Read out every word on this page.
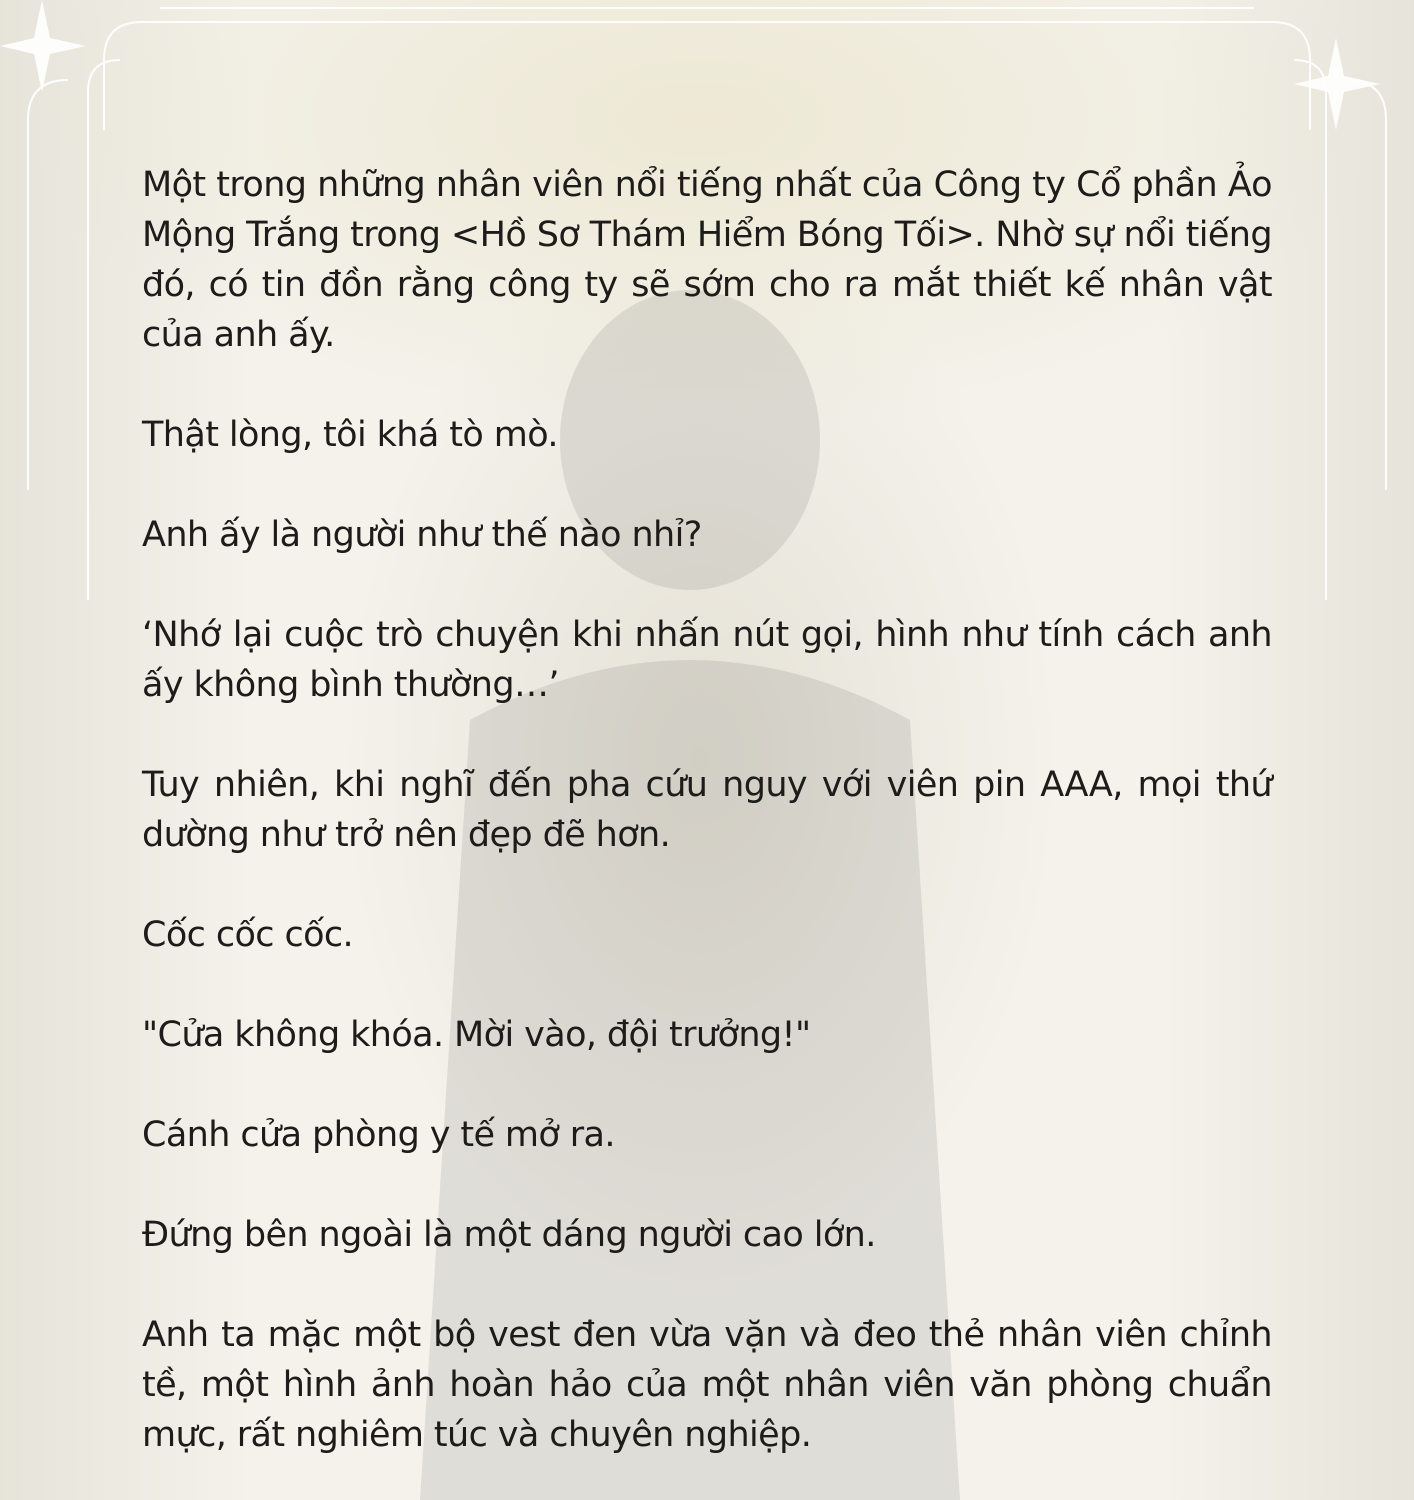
Một trong những nhân viên nổi tiếng nhất của Công ty Cổ phần Ảo Mộng Trắng trong <Hồ Sơ Thám Hiểm Bóng Tối>. Nhờ sự nổi tiếng đó, có tin đồn rằng công ty sẽ sớm cho ra mắt thiết kế nhân vật của anh ấy.

Thật lòng, tôi khá tò mò.

Anh ấy là người như thế nào nhỉ?

‘Nhớ lại cuộc trò chuyện khi nhấn nút gọi, hình như tính cách anh ấy không bình thường…’

Tuy nhiên, khi nghĩ đến pha cứu nguy với viên pin AAA, mọi thứ dường như trở nên đẹp đẽ hơn.

Cốc cốc cốc.

"Cửa không khóa. Mời vào, đội trưởng!"

Cánh cửa phòng y tế mở ra.

Đứng bên ngoài là một dáng người cao lớn.

Anh ta mặc một bộ vest đen vừa vặn và đeo thẻ nhân viên chỉnh tề, một hình ảnh hoàn hảo của một nhân viên văn phòng chuẩn mực, rất nghiêm túc và chuyên nghiệp.
